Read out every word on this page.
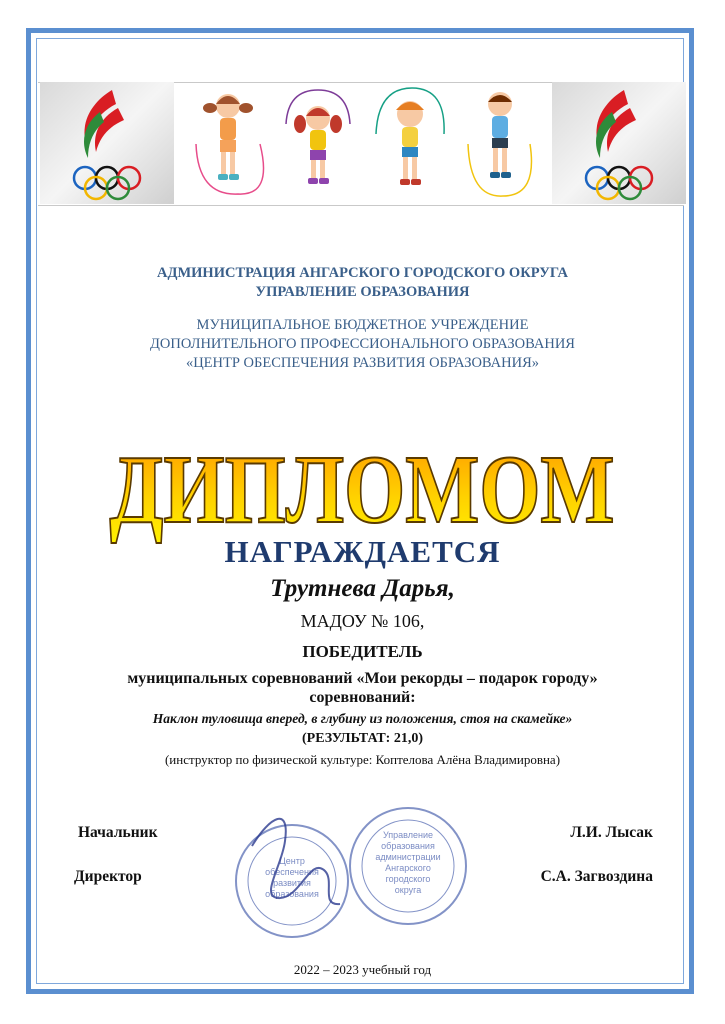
АДМИНИСТРАЦИЯ АНГАРСКОГО ГОРОДСКОГО ОКРУГА
УПРАВЛЕНИЕ ОБРАЗОВАНИЯ
МУНИЦИПАЛЬНОЕ БЮДЖЕТНОЕ УЧРЕЖДЕНИЕ
ДОПОЛНИТЕЛЬНОГО ПРОФЕССИОНАЛЬНОГО ОБРАЗОВАНИЯ
«ЦЕНТР ОБЕСПЕЧЕНИЯ РАЗВИТИЯ ОБРАЗОВАНИЯ»
ДИПЛОМОМ
НАГРАЖДАЕТСЯ
Трутнева Дарья,
МАДОУ № 106,
ПОБЕДИТЕЛЬ
муниципальных соревнований «Мои рекорды – подарок городу»
соревнований:
Наклон туловища вперед, в глубину из положения, стоя на скамейке»
(РЕЗУЛЬТАТ: 21,0)
(инструктор по физической культуре: Коптелова Алёна Владимировна)
Центр
обеспечения
развития
образования
Управление
образования
администрации
Ангарского
городского
округа
Начальник	Л.И. Лысак
Директор	С.А. Загвоздина
2022 – 2023 учебный год
